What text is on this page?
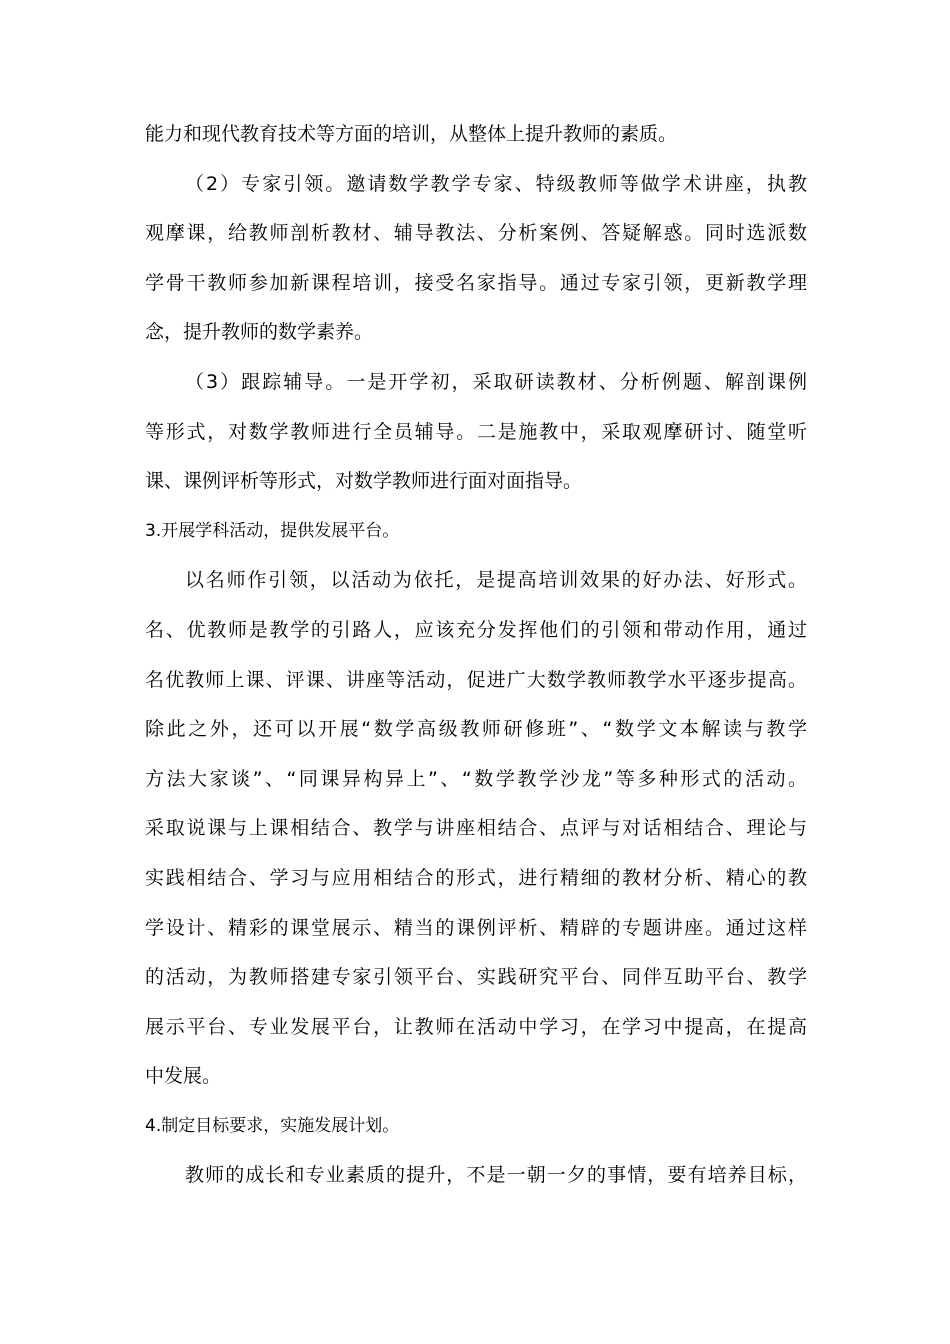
能力和现代教育技术等方面的培训，从整体上提升教师的素质。
（2）专家引领。邀请数学教学专家、特级教师等做学术讲座，执教
观摩课，给教师剖析教材、辅导教法、分析案例、答疑解惑。同时选派数
学骨干教师参加新课程培训，接受名家指导。通过专家引领，更新教学理
念，提升教师的数学素养。
（3）跟踪辅导。一是开学初，采取研读教材、分析例题、解剖课例
等形式，对数学教师进行全员辅导。二是施教中，采取观摩研讨、随堂听
课、课例评析等形式，对数学教师进行面对面指导。
3.开展学科活动，提供发展平台。
以名师作引领，以活动为依托，是提高培训效果的好办法、好形式。
名、优教师是教学的引路人，应该充分发挥他们的引领和带动作用，通过
名优教师上课、评课、讲座等活动，促进广大数学教师教学水平逐步提高。
除此之外，还可以开展“数学高级教师研修班”、“数学文本解读与教学
方法大家谈”、“同课异构异上”、“数学教学沙龙”等多种形式的活动。
采取说课与上课相结合、教学与讲座相结合、点评与对话相结合、理论与
实践相结合、学习与应用相结合的形式，进行精细的教材分析、精心的教
学设计、精彩的课堂展示、精当的课例评析、精辟的专题讲座。通过这样
的活动，为教师搭建专家引领平台、实践研究平台、同伴互助平台、教学
展示平台、专业发展平台，让教师在活动中学习，在学习中提高，在提高
中发展。
4.制定目标要求，实施发展计划。
教师的成长和专业素质的提升，不是一朝一夕的事情，要有培养目标，
